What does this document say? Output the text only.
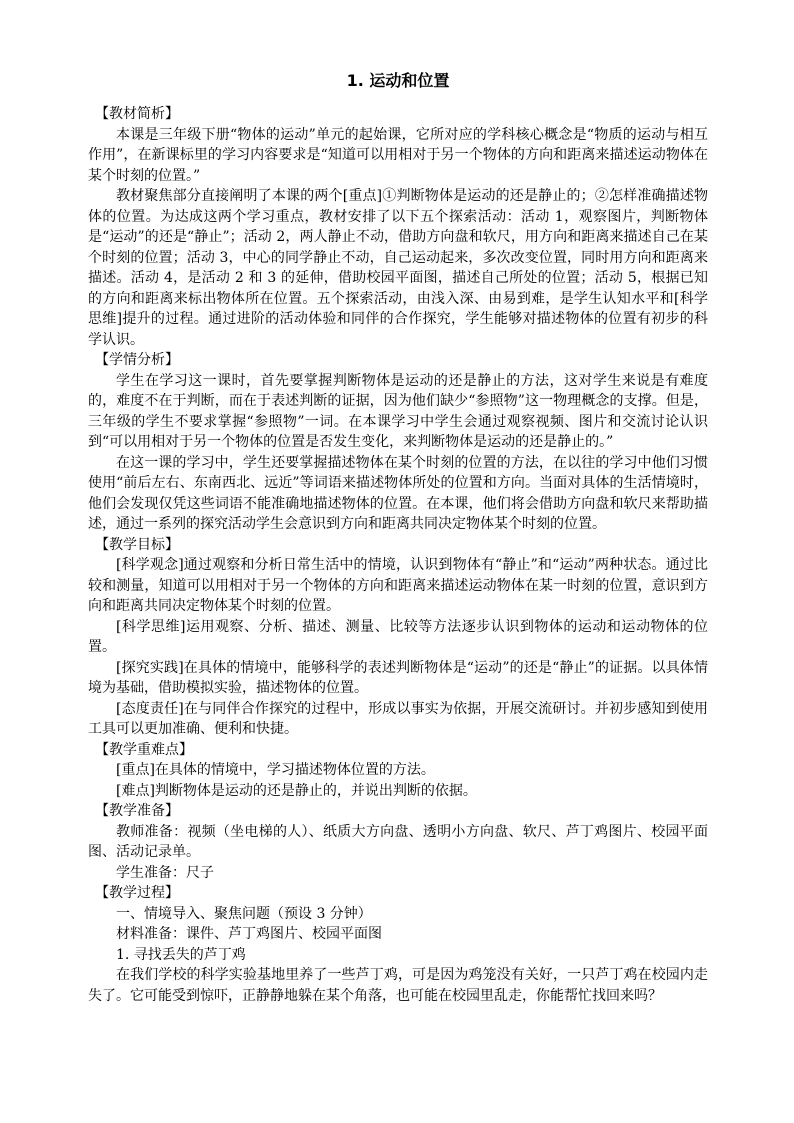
1. 运动和位置

【教材简析】

本课是三年级下册“物体的运动”单元的起始课，它所对应的学科核心概念是“物质的运动与相互作用”，在新课标里的学习内容要求是“知道可以用相对于另一个物体的方向和距离来描述运动物体在某个时刻的位置。”

教材聚焦部分直接阐明了本课的两个[重点]①判断物体是运动的还是静止的；②怎样准确描述物体的位置。为达成这两个学习重点，教材安排了以下五个探索活动：活动 1，观察图片，判断物体是“运动”的还是“静止”；活动 2，两人静止不动，借助方向盘和软尺，用方向和距离来描述自己在某个时刻的位置；活动 3，中心的同学静止不动，自己运动起来，多次改变位置，同时用方向和距离来描述。活动 4，是活动 2 和 3 的延伸，借助校园平面图，描述自己所处的位置；活动 5，根据已知的方向和距离来标出物体所在位置。五个探索活动，由浅入深、由易到难，是学生认知水平和[科学思维]提升的过程。通过进阶的活动体验和同伴的合作探究，学生能够对描述物体的位置有初步的科学认识。

【学情分析】

学生在学习这一课时，首先要掌握判断物体是运动的还是静止的方法，这对学生来说是有难度的，难度不在于判断，而在于表述判断的证据，因为他们缺少“参照物”这一物理概念的支撑。但是，三年级的学生不要求掌握“参照物”一词。在本课学习中学生会通过观察视频、图片和交流讨论认识到“可以用相对于另一个物体的位置是否发生变化，来判断物体是运动的还是静止的。”

在这一课的学习中，学生还要掌握描述物体在某个时刻的位置的方法，在以往的学习中他们习惯使用“前后左右、东南西北、远近”等词语来描述物体所处的位置和方向。当面对具体的生活情境时，他们会发现仅凭这些词语不能准确地描述物体的位置。在本课，他们将会借助方向盘和软尺来帮助描述，通过一系列的探究活动学生会意识到方向和距离共同决定物体某个时刻的位置。

【教学目标】

[科学观念]通过观察和分析日常生活中的情境，认识到物体有“静止”和“运动”两种状态。通过比较和测量，知道可以用相对于另一个物体的方向和距离来描述运动物体在某一时刻的位置，意识到方向和距离共同决定物体某个时刻的位置。

[科学思维]运用观察、分析、描述、测量、比较等方法逐步认识到物体的运动和运动物体的位置。

[探究实践]在具体的情境中，能够科学的表述判断物体是“运动”的还是“静止”的证据。以具体情境为基础，借助模拟实验，描述物体的位置。

[态度责任]在与同伴合作探究的过程中，形成以事实为依据，开展交流研讨。并初步感知到使用工具可以更加准确、便利和快捷。

【教学重难点】

[重点]在具体的情境中，学习描述物体位置的方法。

[难点]判断物体是运动的还是静止的，并说出判断的依据。

【教学准备】

教师准备：视频（坐电梯的人）、纸质大方向盘、透明小方向盘、软尺、芦丁鸡图片、校园平面图、活动记录单。

学生准备：尺子

【教学过程】

一、情境导入、聚焦问题（预设 3 分钟）

材料准备：课件、芦丁鸡图片、校园平面图

1. 寻找丢失的芦丁鸡

在我们学校的科学实验基地里养了一些芦丁鸡，可是因为鸡笼没有关好，一只芦丁鸡在校园内走失了。它可能受到惊吓，正静静地躲在某个角落，也可能在校园里乱走，你能帮忙找回来吗？
